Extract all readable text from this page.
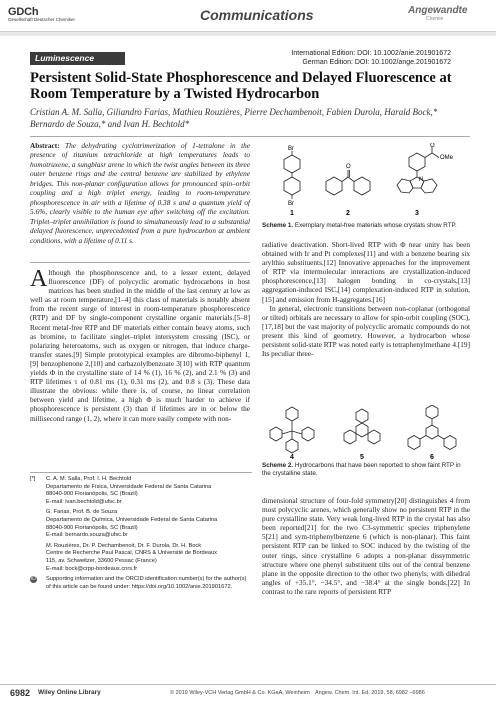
GDCh
Gesellschaft Deutscher Chemiker	Communications	Angewandte
Chemie
Luminescence	International Edition: DOI: 10.1002/anie.201901672
German Edition: DOI: 10.1002/ange.201901672
Persistent Solid-State Phosphorescence and Delayed Fluorescence at Room Temperature by a Twisted Hydrocarbon
Cristian A. M. Salla, Giliandro Farias, Mathieu Rouzières, Pierre Dechambenoit, Fabien Durola, Harald Bock,* Bernardo de Souza,* and Ivan H. Bechtold*
Abstract: The dehydrating cyclotrimerization of 1-tetralone in the presence of titanium tetrachloride at high temperatures leads to homotruxene, a sungblasr arene in which the twist angles between its three outer benzene rings and the central benzene are stabilized by ethylene bridges. This non-planar configuration allows for pronounced spin–orbit coupling and a high triplet energy, leading to room-temperature phosphorescence in air with a lifetime of 0.38 s and a quantum yield of 5.6%, clearly visible to the human eye after switching off the excitation. Triplet–triplet annihilation is found to simultaneously lead to a substantial delayed fluorescence, unprecedented from a pure hydrocarbon at ambient conditions, with a lifetime of 0.11 s.
Although the phosphorescence and, to a lesser extent, delayed fluorescence (DF) of polycyclic aromatic hydrocarbons in host matrices has been studied in the middle of the last century at low as well as at room temperature,[1–4] this class of materials is notably absent from the recent surge of interest in room-temperature phosphorescence (RTP) and DF by single-component crystalline organic materials.[5–8] Recent metal-free RTP and DF materials either contain heavy atoms, such as bromine, to facilitate singlet–triplet intersystem crossing (ISC), or polarizing heteroatoms, such as oxygen or nitrogen, that induce charge-transfer states.[9] Simple prototypical examples are dibromo-biphenyl 1,[9] benzophenone 2,[10] and carbazolylbenzoate 3[10] with RTP quantum yields Φ in the crystalline state of 14 % (1), 16 % (2), and 2.1 % (3) and RTP lifetimes τ of 0.81 ms (1), 0.31 ms (2), and 0.8 s (3). These data illustrate the obvious: while there is, of course, no linear correlation between yield and lifetime, a high Φ is much harder to achieve if phosphorescence is persistent (3) than if lifetimes are in or below the millisecond range (1, 2), where it can more easily compete with non-
[*]	C. A. M. Salla, Prof. I. H. Bechtold
Departamento de Física, Universidade Federal de Santa Catarina
88040-900 Florianópolis, SC (Brazil)
E-mail: ivan.bechtold@ufsc.br
G. Farias, Prof. B. de Souza
Departamento de Química, Universidade Federal de Santa Catarina
88040-900 Florianópolis, SC (Brazil)
E-mail: bernardo.souza@ufsc.br
M. Rouzières, Dr. P. Dechambenoit, Dr. F. Durola, Dr. H. Bock
Centre de Recherche Paul Pascal, CNRS & Université de Bordeaux
115, av. Schweitzer, 33600 Pessac (France)
E-mail: bock@crpp-bordeaux.cnrs.fr
iD	Supporting information and the ORCID identification number(s) for the author(s) of this article can be found under: https://doi.org/10.1002/anie.201901672.
Br
Br
O
OMe
O
N
1	2	3
Scheme 1. Exemplary metal-free materials whose crystals show RTP.
radiative deactivation. Short-lived RTP with Φ near unity has been obtained with Ir and Pt complexes[11] and with a benzene bearing six arylthio substituents.[12] Innovative approaches for the improvement of RTP via intermolecular interactions are crystallization-induced phosphorescence,[13] halogen bonding in co-crystals,[13] aggregation-induced ISC,[14] complexation-induced RTP in solution,[15] and emission from H-aggregates.[16]
In general, electronic transitions between non-coplanar (orthogonal or tilted) orbitals are necessary to allow for spin-orbit coupling (SOC),[17,18] but the vast majority of polycyclic aromatic compounds do not present this kind of geometry. However, a hydrocarbon whose persistent solid-state RTP was noted early is tetraphenylmethane 4.[19] Its peculiar three-
4	5	6
Scheme 2. Hydrocarbons that have been reported to show faint RTP in the crystalline state.
dimensional structure of four-fold symmetry[20] distinguishes 4 from most polycyclic arenes, which generally show no persistent RTP in the pure crystalline state. Very weak long-lived RTP in the crystal has also been reported[21] for the two C3-symmetric species triphenylene 5[21] and sym-triphenylbenzene 6 (which is non-planar). This faint persistent RTP can be linked to SOC induced by the twisting of the outer rings, since crystalline 6 adopts a non-planar dissymmetric structure where one phenyl substituent tilts out of the central benzene plane in the opposite direction to the other two phenyls, with dihedral angles of +35.1°, −34.5°, and −38.4° at the single bonds.[22] In contrast to the rare reports of persistent RTP
6982 Wiley Online Library	© 2019 Wiley-VCH Verlag GmbH & Co. KGaA, Weinheim Angew. Chem. Int. Ed. 2019, 58, 6982 –6986
